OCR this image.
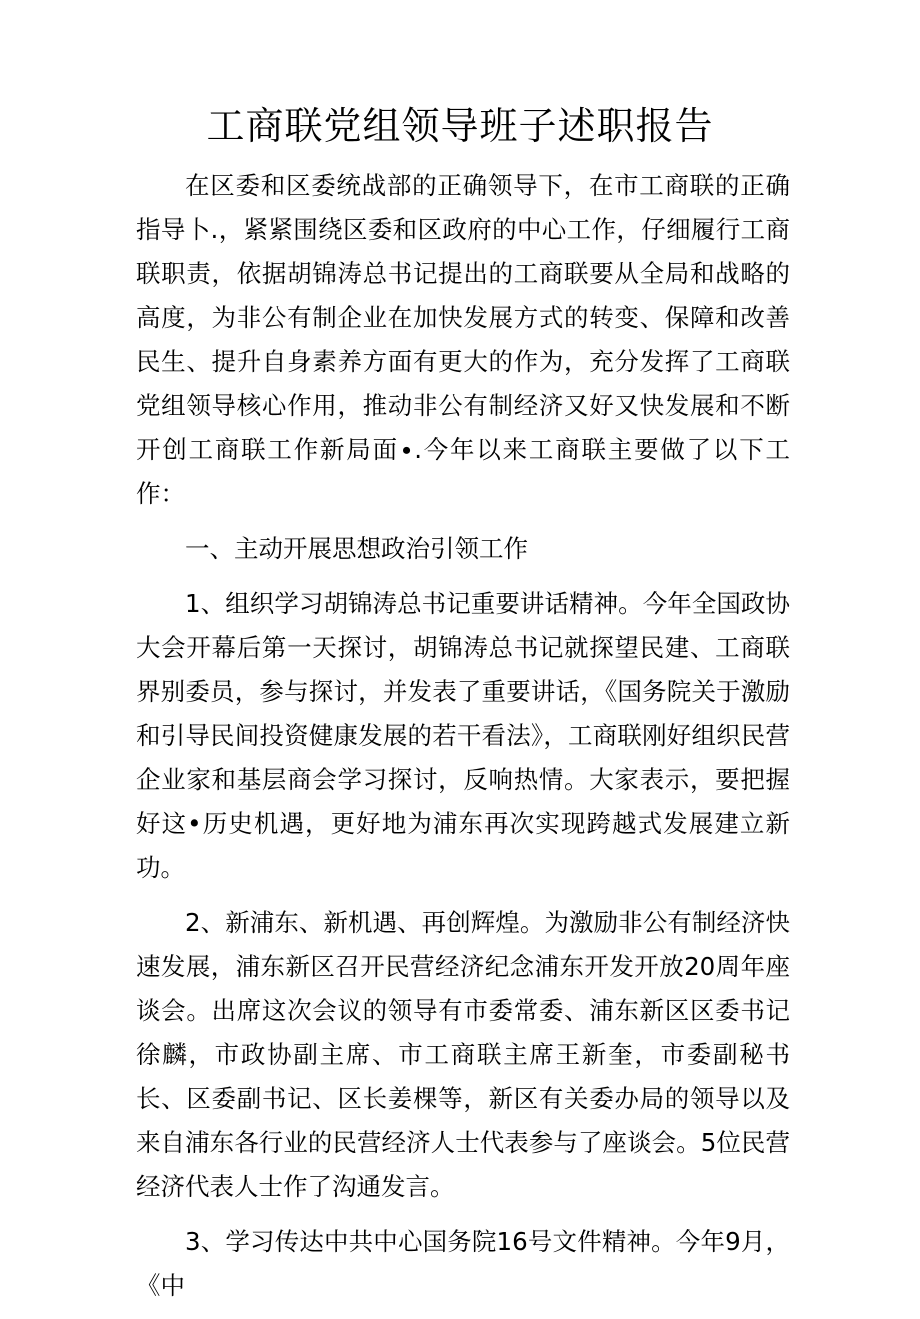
工商联党组领导班子述职报告

在区委和区委统战部的正确领导下，在市工商联的正确指导卜.，紧紧围绕区委和区政府的中心工作，仔细履行工商联职责，依据胡锦涛总书记提出的工商联要从全局和战略的高度，为非公有制企业在加快发展方式的转变、保障和改善民生、提升自身素养方面有更大的作为，充分发挥了工商联党组领导核心作用，推动非公有制经济又好又快发展和不断开创工商联工作新局面∙.今年以来工商联主要做了以下工作：

一、主动开展思想政治引领工作

1、组织学习胡锦涛总书记重要讲话精神。今年全国政协大会开幕后第一天探讨，胡锦涛总书记就探望民建、工商联界别委员，参与探讨，并发表了重要讲话，《国务院关于激励和引导民间投资健康发展的若干看法》，工商联刚好组织民营企业家和基层商会学习探讨，反响热情。大家表示，要把握好这•历史机遇，更好地为浦东再次实现跨越式发展建立新功。

2、新浦东、新机遇、再创辉煌。为激励非公有制经济快速发展，浦东新区召开民营经济纪念浦东开发开放20周年座谈会。出席这次会议的领导有市委常委、浦东新区区委书记徐麟，市政协副主席、市工商联主席王新奎，市委副秘书长、区委副书记、区长姜棵等，新区有关委办局的领导以及来自浦东各行业的民营经济人士代表参与了座谈会。5位民营经济代表人士作了沟通发言。

3、学习传达中共中心国务院16号文件精神。今年9月，《中
